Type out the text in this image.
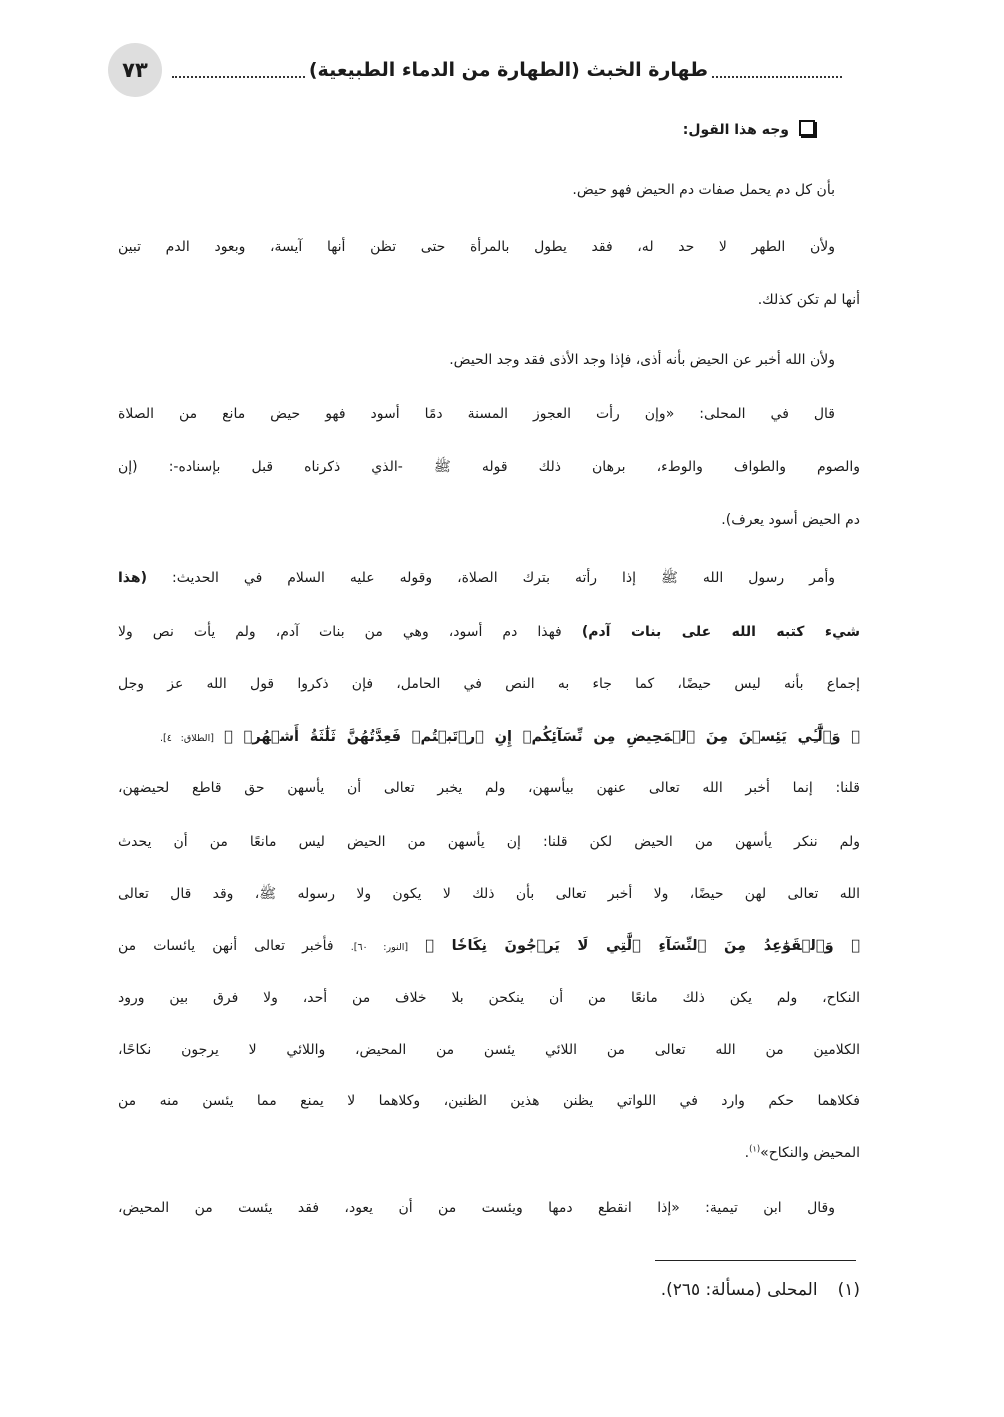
٧٣	طهارة الخبث (الطهارة من الدماء الطبيعية)
وجه هذا القول:
بأن كل دم يحمل صفات دم الحيض فهو حيض.
ولأن الطهر لا حد له، فقد يطول بالمرأة حتى تظن أنها آيسة، وبعود الدم تبين
أنها لم تكن كذلك.
ولأن الله أخبر عن الحيض بأنه أذى، فإذا وجد الأذى فقد وجد الحيض.
قال في المحلى: «وإن رأت العجوز المسنة دمًا أسود فهو حيض مانع من الصلاة
والصوم والطواف والوطء، برهان ذلك قوله ﷺ -الذي ذكرناه قبل بإسناده-: (إن
دم الحيض أسود يعرف).
وأمر رسول الله ﷺ إذا رأته بترك الصلاة، وقوله عليه السلام في الحديث: (هذا
شيء كتبه الله على بنات آدم) فهذا دم أسود، وهي من بنات آدم، ولم يأت نص ولا
إجماع بأنه ليس حيضًا، كما جاء به النص في الحامل، فإن ذكروا قول الله عز وجل
﴿ وَٱلَّٰٓـِٔي يَئِسۡنَ مِنَ ٱلۡمَحِيضِ مِن نِّسَآئِكُمۡ إِنِ ٱرۡتَبۡتُمۡ فَعِدَّتُهُنَّ ثَلَٰثَةُ أَشۡهُرٖ ﴾ [الطلاق: ٤].
قلنا: إنما أخبر الله تعالى عنهن بيأسهن، ولم يخبر تعالى أن يأسهن حق قاطع لحيضهن،
ولم ننكر يأسهن من الحيض لكن قلنا: إن يأسهن من الحيض ليس مانعًا من أن يحدث
الله تعالى لهن حيضًا، ولا أخبر تعالى بأن ذلك لا يكون ولا رسوله ﷺ، وقد قال تعالى
﴿ وَٱلۡقَوَٰعِدُ مِنَ ٱلنِّسَآءِ ٱلَّٰتِي لَا يَرۡجُونَ نِكَاحٗا ﴾ [النور: ٦٠]. فأخبر تعالى أنهن يائسات من
النكاح، ولم يكن ذلك مانعًا من أن ينكحن بلا خلاف من أحد، ولا فرق بين ورود
الكلامين من الله تعالى من اللائي يئسن من المحيض، واللائي لا يرجون نكاحًا،
فكلاهما حكم وارد في اللواتي يظنن هذين الظنين، وكلاهما لا يمنع مما يئسن منه من
المحيض والنكاح»$^{(١)}$.
وقال ابن تيمية: «إذا انقطع دمها ويئست من أن يعود، فقد يئست من المحيض،
(١)المحلى (مسألة: ٢٦٥).
